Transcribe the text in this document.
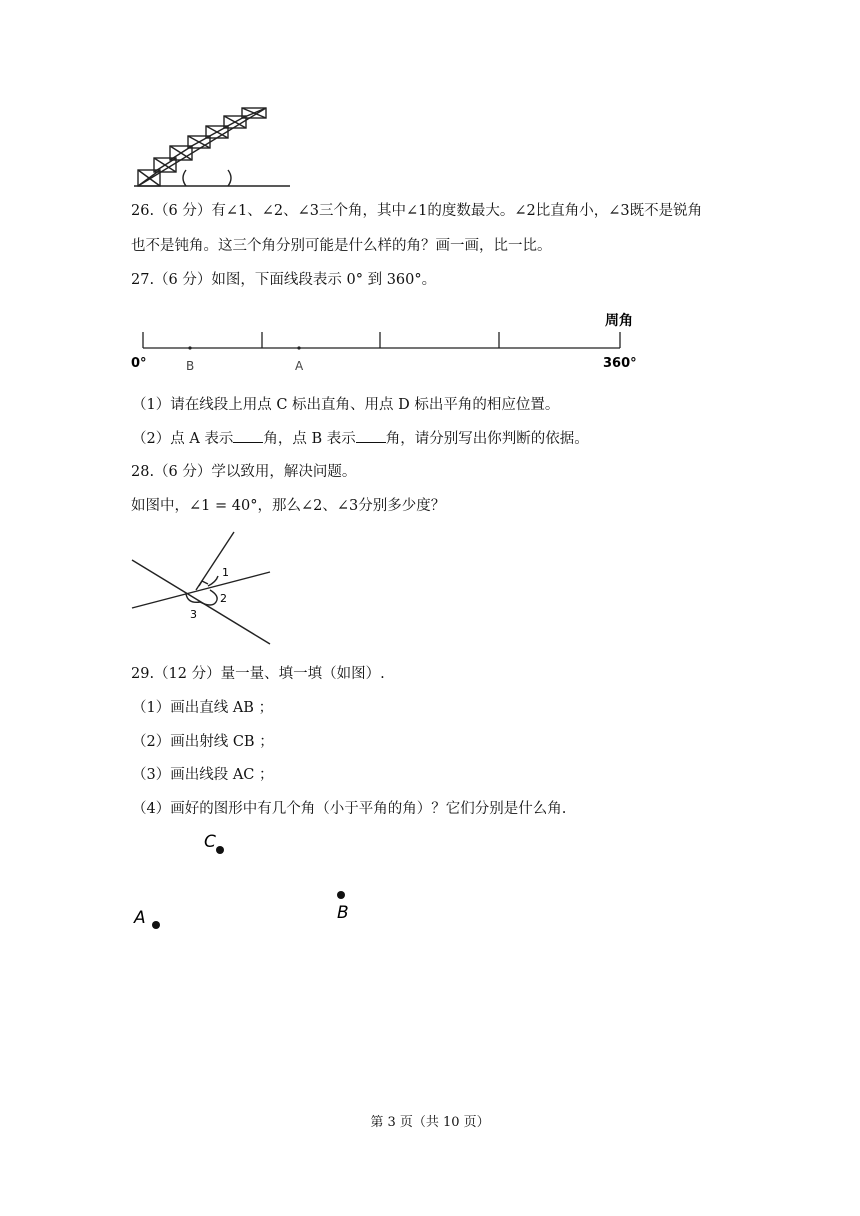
26.（6 分）有∠1、∠2、∠3三个角，其中∠1的度数最大。∠2比直角小，∠3既不是锐角
也不是钝角。这三个角分别可能是什么样的角？画一画，比一比。
27.（6 分）如图，下面线段表示 0° 到 360°。
周角
0°	360°
B	A
（1）请在线段上用点 C 标出直角、用点 D 标出平角的相应位置。
（2）点 A 表示 角，点 B 表示 角，请分别写出你判断的依据。
28.（6 分）学以致用，解决问题。
如图中，∠1 = 40°，那么∠2、∠3分别多少度？
1
2
3
29.（12 分）量一量、填一填（如图）.
（1）画出直线 AB ；
（2）画出射线 CB ；
（3）画出线段 AC ；
（4）画好的图形中有几个角（小于平角的角）？它们分别是什么角.
C
B
A
第 3 页（共 10 页）
